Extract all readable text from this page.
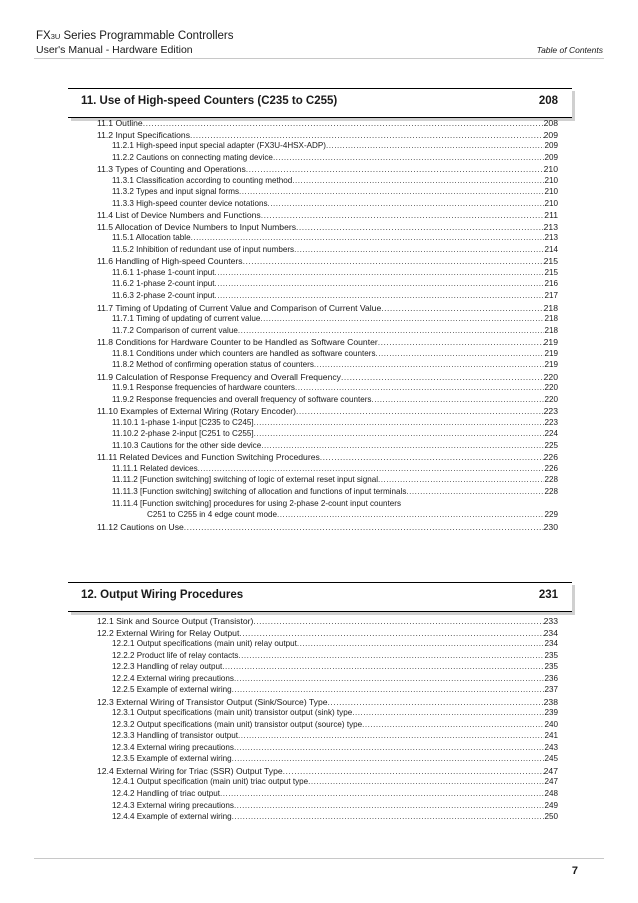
FX3U Series Programmable Controllers
User's Manual - Hardware Edition	Table of Contents
11. Use of High-speed Counters (C235 to C255)	208
11.1 Outline .....	208
11.2 Input Specifications .....	209
11.2.1 High-speed input special adapter (FX3U-4HSX-ADP) .....	209
11.2.2 Cautions on connecting mating device .....	209
11.3 Types of Counting and Operations .....	210
11.3.1 Classification according to counting method .....	210
11.3.2 Types and input signal forms .....	210
11.3.3 High-speed counter device notations .....	210
11.4 List of Device Numbers and Functions .....	211
11.5 Allocation of Device Numbers to Input Numbers .....	213
11.5.1 Allocation table .....	213
11.5.2 Inhibition of redundant use of input numbers .....	214
11.6 Handling of High-speed Counters .....	215
11.6.1 1-phase 1-count input .....	215
11.6.2 1-phase 2-count input .....	216
11.6.3 2-phase 2-count input .....	217
11.7 Timing of Updating of Current Value and Comparison of Current Value .....	218
11.7.1 Timing of updating of current value .....	218
11.7.2 Comparison of current value .....	218
11.8 Conditions for Hardware Counter to be Handled as Software Counter .....	219
11.8.1 Conditions under which counters are handled as software counters .....	219
11.8.2 Method of confirming operation status of counters .....	219
11.9 Calculation of Response Frequency and Overall Frequency .....	220
11.9.1 Response frequencies of hardware counters .....	220
11.9.2 Response frequencies and overall frequency of software counters .....	220
11.10 Examples of External Wiring (Rotary Encoder) .....	223
11.10.1 1-phase 1-input [C235 to C245] .....	223
11.10.2 2-phase 2-input [C251 to C255] .....	224
11.10.3 Cautions for the other side device .....	225
11.11 Related Devices and Function Switching Procedures .....	226
11.11.1 Related devices .....	226
11.11.2 [Function switching] switching of logic of external reset input signal .....	228
11.11.3 [Function switching] switching of allocation and functions of input terminals .....	228
11.11.4 [Function switching] procedures for using 2-phase 2-count input counters
C251 to C255 in 4 edge count mode .....	229
11.12 Cautions on Use .....	230
12. Output Wiring Procedures	231
12.1 Sink and Source Output (Transistor) .....	233
12.2 External Wiring for Relay Output .....	234
12.2.1 Output specifications (main unit) relay output .....	234
12.2.2 Product life of relay contacts .....	235
12.2.3 Handling of relay output .....	235
12.2.4 External wiring precautions .....	236
12.2.5 Example of external wiring .....	237
12.3 External Wiring of Transistor Output (Sink/Source) Type .....	238
12.3.1 Output specifications (main unit) transistor output (sink) type .....	239
12.3.2 Output specifications (main unit) transistor output (source) type .....	240
12.3.3 Handling of transistor output .....	241
12.3.4 External wiring precautions .....	243
12.3.5 Example of external wiring .....	245
12.4 External Wiring for Triac (SSR) Output Type .....	247
12.4.1 Output specification (main unit) triac output type .....	247
12.4.2 Handling of triac output .....	248
12.4.3 External wiring precautions .....	249
12.4.4 Example of external wiring .....	250
7
